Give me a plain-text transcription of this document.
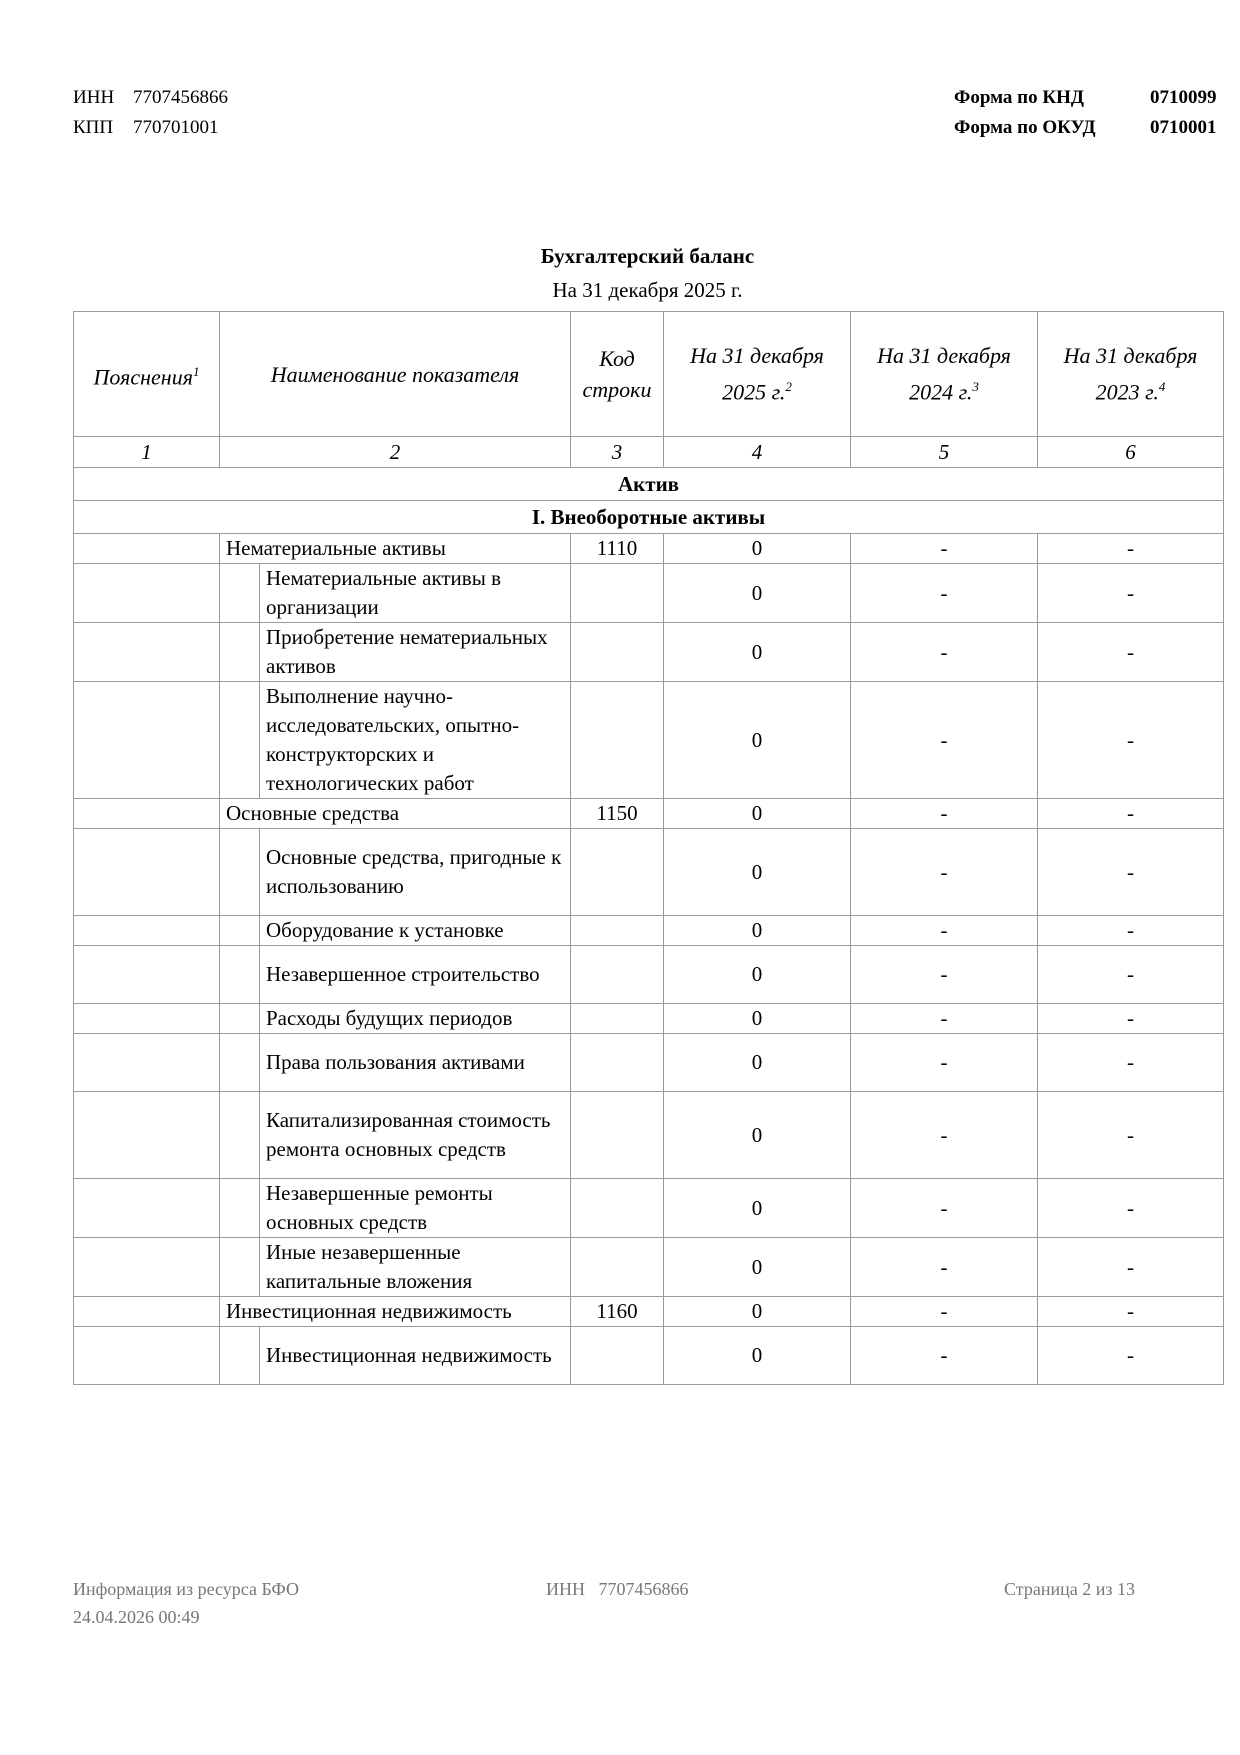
ИНН 7707456866
КПП	770701001
Форма по КНД	0710099
Форма по ОКУД	0710001
Бухгалтерский баланс
На 31 декабря 2025 г.
Пояснения$^1$	Наименование показателя		Код строки	На 31 декабря 2025 г.$^2$	На 31 декабря 2024 г.$^3$	На 31 декабря 2023 г.$^4$
1	2		3	4	5	6
Актив						
I. Внеоборотные активы						
	Нематериальные активы		1110	0	-	-
		Нематериальные активы в организации		0	-	-
		Приобретение нематериальных активов		0	-	-
		Выполнение научно-исследовательских, опытно-конструкторских и технологических работ		0	-	-
	Основные средства		1150	0	-	-
		Основные средства, пригодные к использованию		0	-	-
		Оборудование к установке		0	-	-
		Незавершенное строительство		0	-	-
		Расходы будущих периодов		0	-	-
		Права пользования активами		0	-	-
		Капитализированная стоимость ремонта основных средств		0	-	-
		Незавершенные ремонты основных средств		0	-	-
		Иные незавершенные капитальные вложения		0	-	-
	Инвестиционная недвижимость		1160	0	-	-
		Инвестиционная недвижимость		0	-	-
Информация из ресурса БФО
24.04.2026 00:49
ИНН 7707456866	Страница 2 из 13
